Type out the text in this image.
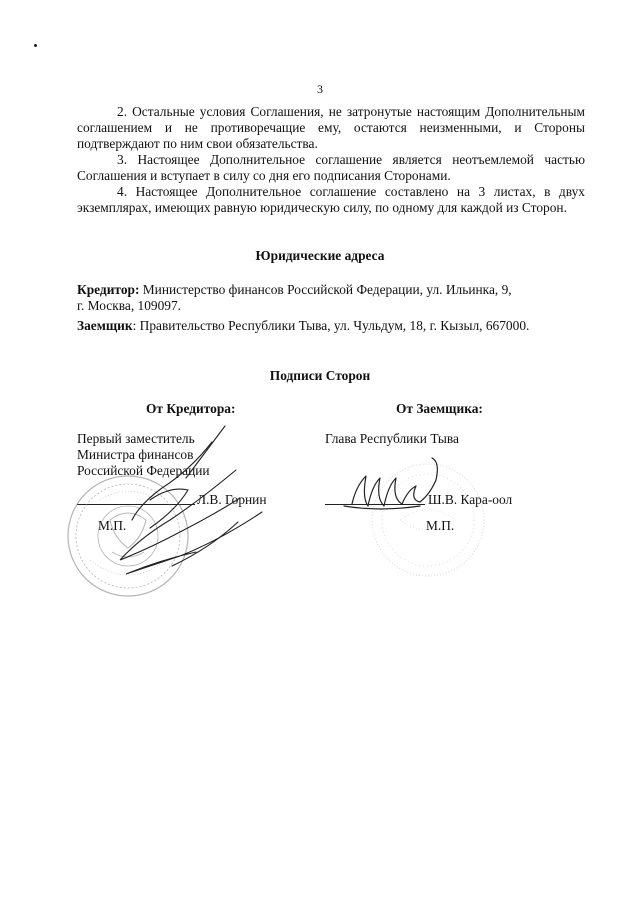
3

2. Остальные условия Соглашения, не затронутые настоящим Дополнительным соглашением и не противоречащие ему, остаются неизменными, и Стороны подтверждают по ним свои обязательства.

3. Настоящее Дополнительное соглашение является неотъемлемой частью Соглашения и вступает в силу со дня его подписания Сторонами.

4. Настоящее Дополнительное соглашение составлено на 3 листах, в двух экземплярах, имеющих равную юридическую силу, по одному для каждой из Сторон.

Юридические адреса

Кредитор: Министерство финансов Российской Федерации, ул. Ильинка, 9,

г. Москва, 109097.

Заемщик: Правительство Республики Тыва, ул. Чульдум, 18, г. Кызыл, 667000.

Подписи Сторон
От Кредитора:
Первый заместитель
Министра финансов
Российской Федерации
Л.В. Горнин
М.П.
От Заемщика:
Глава Республики Тыва
Ш.В. Кара-оол
М.П.
